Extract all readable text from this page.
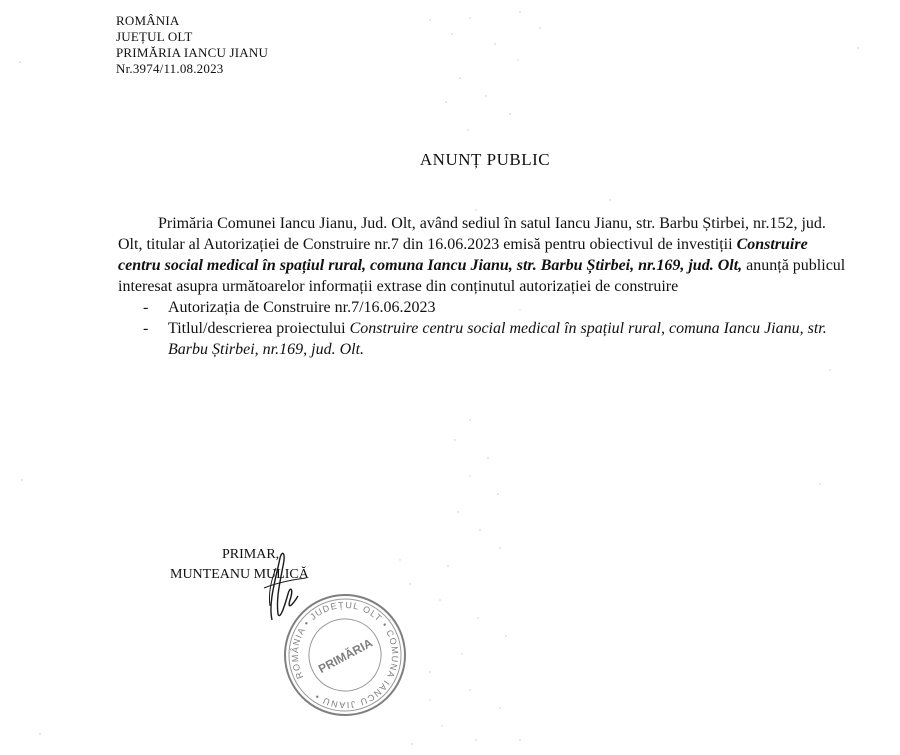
ROMÂNIA
JUEȚUL OLT
PRIMĂRIA IANCU JIANU
Nr.3974/11.08.2023
ANUNȚ PUBLIC

Primăria Comunei Iancu Jianu, Jud. Olt, având sediul în satul Iancu Jianu, str. Barbu Știrbei, nr.152, jud. Olt, titular al Autorizației de Construire nr.7 din 16.06.2023 emisă pentru obiectivul de investiții Construire centru social medical în spațiul rural, comuna Iancu Jianu, str. Barbu Știrbei, nr.169, jud. Olt, anunță publicul interesat asupra următoarelor informații extrase din conținutul autorizației de construire

- Autorizația de Construire nr.7/16.06.2023
- Titlul/descrierea proiectului Construire centru social medical în spațiul rural, comuna Iancu Jianu, str. Barbu Știrbei, nr.169, jud. Olt.
PRIMAR,
MUNTEANU MULICĂ
ROMÂNIA • JUDEȚUL OLT • COMUNA IANCU JIANU •
PRIMĂRIA
